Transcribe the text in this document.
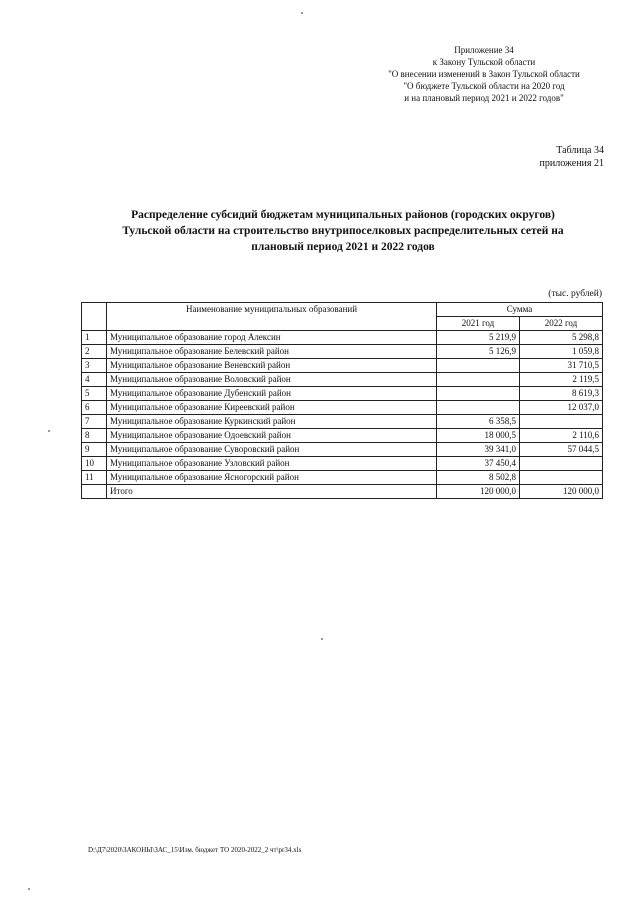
Приложение 34
к Закону Тульской области
"О внесении изменений в Закон Тульской области
"О бюджете Тульской области на 2020 год
и на плановый период 2021 и 2022 годов"
Таблица 34
приложения 21
Распределение субсидий бюджетам муниципальных районов (городских округов)
Тульской области на строительство внутрипоселковых распределительных сетей на
плановый период 2021 и 2022 годов
(тыс. рублей)
	Наименование муниципальных образований	Сумма	
		2021 год	2022 год
1	Муниципальное образование город Алексин	5 219,9	5 298,8
2	Муниципальное образование Белевский район	5 126,9	1 059,8
3	Муниципальное образование Веневский район		31 710,5
4	Муниципальное образование Воловский район		2 119,5
5	Муниципальное образование Дубенский район		8 619,3
6	Муниципальное образование Киреевский район		12 037,0
7	Муниципальное образование Куркинский район	6 358,5	
8	Муниципальное образование Одоевский район	18 000,5	2 110,6
9	Муниципальное образование Суворовский район	39 341,0	57 044,5
10	Муниципальное образование Узловский район	37 450,4	
11	Муниципальное образование Ясногорский район	8 502,8	
	Итого	120 000,0	120 000,0
D:\Д7\2020\ЗАКОНЫ\ЗАС_15\Изм. бюджет ТО 2020-2022_2 чт\pr34.xls
